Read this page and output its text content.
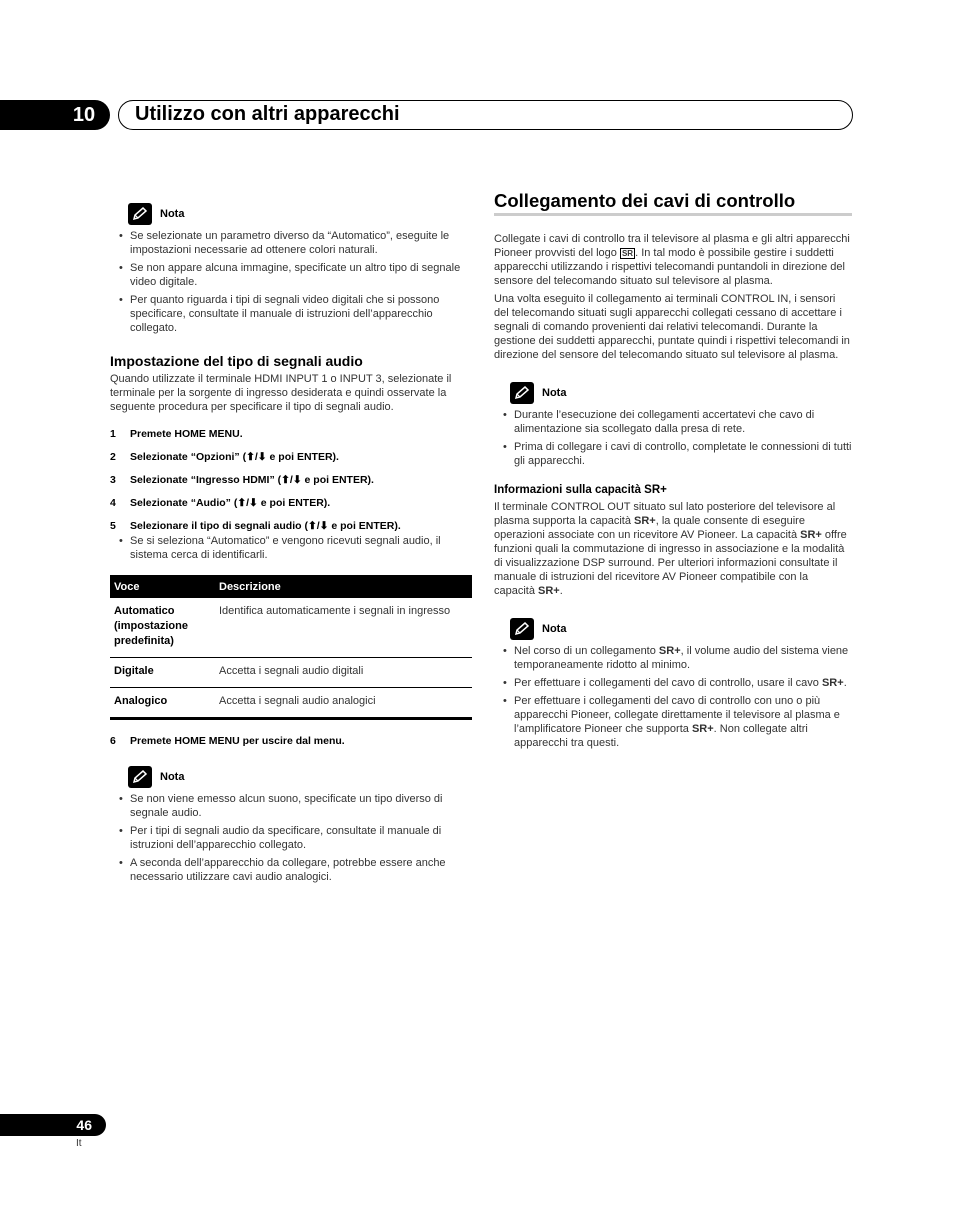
10	Utilizzo con altri apparecchi
Nota
• Se selezionate un parametro diverso da “Automatico”, eseguite le impostazioni necessarie ad ottenere colori naturali.
• Se non appare alcuna immagine, specificate un altro tipo di segnale video digitale.
• Per quanto riguarda i tipi di segnali video digitali che si possono specificare, consultate il manuale di istruzioni dell’apparecchio collegato.
Impostazione del tipo di segnali audio

Quando utilizzate il terminale HDMI INPUT 1 o INPUT 3, selezionate il terminale per la sorgente di ingresso desiderata e quindi osservate la seguente procedura per specificare il tipo di segnali audio.

1	Premete HOME MENU.
2	Selezionate “Opzioni” (⬆/⬇ e poi ENTER).
3	Selezionate “Ingresso HDMI” (⬆/⬇ e poi ENTER).
4	Selezionate “Audio” (⬆/⬇ e poi ENTER).
5	Selezionare il tipo di segnali audio (⬆/⬇ e poi ENTER).
• Se si seleziona “Automatico” e vengono ricevuti segnali audio, il sistema cerca di identificarli.
Voce	Descrizione
Automatico (impostazione predefinita)	Identifica automaticamente i segnali in ingresso
Digitale	Accetta i segnali audio digitali
Analogico	Accetta i segnali audio analogici
6	Premete HOME MENU per uscire dal menu.
Nota
• Se non viene emesso alcun suono, specificate un tipo diverso di segnale audio.
• Per i tipi di segnali audio da specificare, consultate il manuale di istruzioni dell’apparecchio collegato.
• A seconda dell’apparecchio da collegare, potrebbe essere anche necessario utilizzare cavi audio analogici.
Collegamento dei cavi di controllo

Collegate i cavi di controllo tra il televisore al plasma e gli altri apparecchi Pioneer provvisti del logo SR . In tal modo è possibile gestire i suddetti apparecchi utilizzando i rispettivi telecomandi puntandoli in direzione del sensore del telecomando situato sul televisore al plasma.

Una volta eseguito il collegamento ai terminali CONTROL IN, i sensori del telecomando situati sugli apparecchi collegati cessano di accettare i segnali di comando provenienti dai relativi telecomandi. Durante la gestione dei suddetti apparecchi, puntate quindi i rispettivi telecomandi in direzione del sensore del telecomando situato sul televisore al plasma.

Nota
• Durante l’esecuzione dei collegamenti accertatevi che cavo di alimentazione sia scollegato dalla presa di rete.
• Prima di collegare i cavi di controllo, completate le connessioni di tutti gli apparecchi.
Informazioni sulla capacità SR+

Il terminale CONTROL OUT situato sul lato posteriore del televisore al plasma supporta la capacità SR+, la quale consente di eseguire operazioni associate con un ricevitore AV Pioneer. La capacità SR+ offre funzioni quali la commutazione di ingresso in associazione e la modalità di visualizzazione DSP surround. Per ulteriori informazioni consultate il manuale di istruzioni del ricevitore AV Pioneer compatibile con la capacità SR+.

Nota
• Nel corso di un collegamento SR+, il volume audio del sistema viene temporaneamente ridotto al minimo.
• Per effettuare i collegamenti del cavo di controllo, usare il cavo SR+.
• Per effettuare i collegamenti del cavo di controllo con uno o più apparecchi Pioneer, collegate direttamente il televisore al plasma e l’amplificatore Pioneer che supporta SR+. Non collegate altri apparecchi tra questi.
46
It
